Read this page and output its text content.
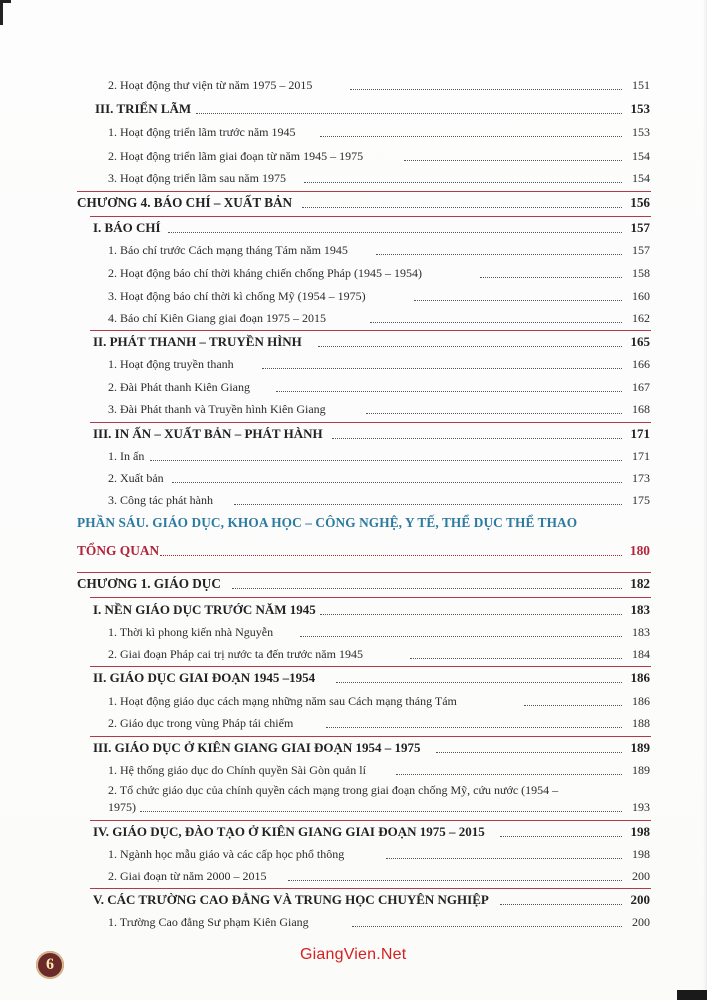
2. Hoạt động thư viện từ năm 1975 – 2015	151
III. TRIỂN LÃM	153
1. Hoạt động triển lãm trước năm 1945	153
2. Hoạt động triển lãm giai đoạn từ năm 1945 – 1975	154
3. Hoạt động triển lãm sau năm 1975	154
CHƯƠNG 4. BÁO CHÍ – XUẤT BẢN	156
I. BÁO CHÍ	157
1. Báo chí trước Cách mạng tháng Tám năm 1945	157
2. Hoạt động báo chí thời kháng chiến chống Pháp (1945 – 1954)	158
3. Hoạt động báo chí thời kì chống Mỹ (1954 – 1975)	160
4. Báo chí Kiên Giang giai đoạn 1975 – 2015	162
II. PHÁT THANH – TRUYỀN HÌNH	165
1. Hoạt động truyền thanh	166
2. Đài Phát thanh Kiên Giang	167
3. Đài Phát thanh và Truyền hình Kiên Giang	168
III. IN ẤN – XUẤT BẢN – PHÁT HÀNH	171
1. In ấn	171
2. Xuất bản	173
3. Công tác phát hành	175
PHẦN SÁU. GIÁO DỤC, KHOA HỌC – CÔNG NGHỆ, Y TẾ, THỂ DỤC THỂ THAO
TỔNG QUAN	180
CHƯƠNG 1. GIÁO DỤC	182
I. NỀN GIÁO DỤC TRƯỚC NĂM 1945	183
1. Thời kì phong kiến nhà Nguyễn	183
2. Giai đoạn Pháp cai trị nước ta đến trước năm 1945	184
II. GIÁO DỤC GIAI ĐOẠN 1945 –1954	186
1. Hoạt động giáo dục cách mạng những năm sau Cách mạng tháng Tám	186
2. Giáo dục trong vùng Pháp tái chiếm	188
III. GIÁO DỤC Ở KIÊN GIANG GIAI ĐOẠN 1954 – 1975	189
1. Hệ thống giáo dục do Chính quyền Sài Gòn quản lí	189
2. Tổ chức giáo dục của chính quyền cách mạng trong giai đoạn chống Mỹ, cứu nước (1954 –
1975)	193
IV. GIÁO DỤC, ĐÀO TẠO Ở KIÊN GIANG GIAI ĐOẠN 1975 – 2015	198
1. Ngành học mẫu giáo và các cấp học phổ thông	198
2. Giai đoạn từ năm 2000 – 2015	200
V. CÁC TRƯỜNG CAO ĐẲNG VÀ TRUNG HỌC CHUYÊN NGHIỆP	200
1. Trường Cao đẳng Sư phạm Kiên Giang	200
6
GiangVien.Net
